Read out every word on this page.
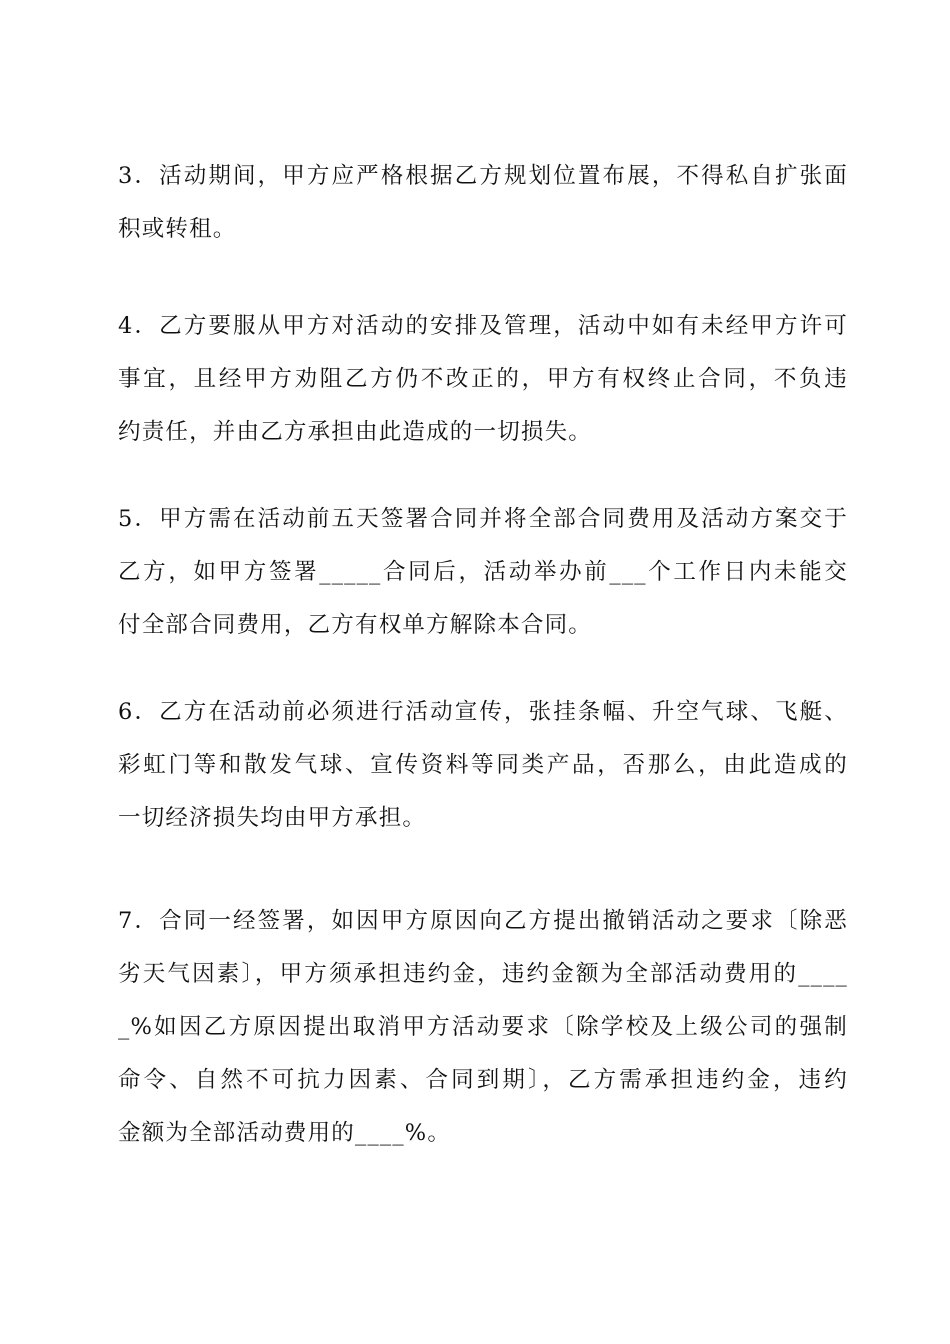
3．活动期间，甲方应严格根据乙方规划位置布展，不得私自扩张面
积或转租。
4．乙方要服从甲方对活动的安排及管理，活动中如有未经甲方许可
事宜，且经甲方劝阻乙方仍不改正的，甲方有权终止合同，不负违
约责任，并由乙方承担由此造成的一切损失。
5．甲方需在活动前五天签署合同并将全部合同费用及活动方案交于
乙方，如甲方签署_____合同后，活动举办前___个工作日内未能交
付全部合同费用，乙方有权单方解除本合同。
6．乙方在活动前必须进行活动宣传，张挂条幅、升空气球、飞艇、
彩虹门等和散发气球、宣传资料等同类产品，否那么，由此造成的
一切经济损失均由甲方承担。
7．合同一经签署，如因甲方原因向乙方提出撤销活动之要求〔除恶
劣天气因素〕，甲方须承担违约金，违约金额为全部活动费用的____
_%如因乙方原因提出取消甲方活动要求〔除学校及上级公司的强制
命令、自然不可抗力因素、合同到期〕，乙方需承担违约金，违约
金额为全部活动费用的____%。
